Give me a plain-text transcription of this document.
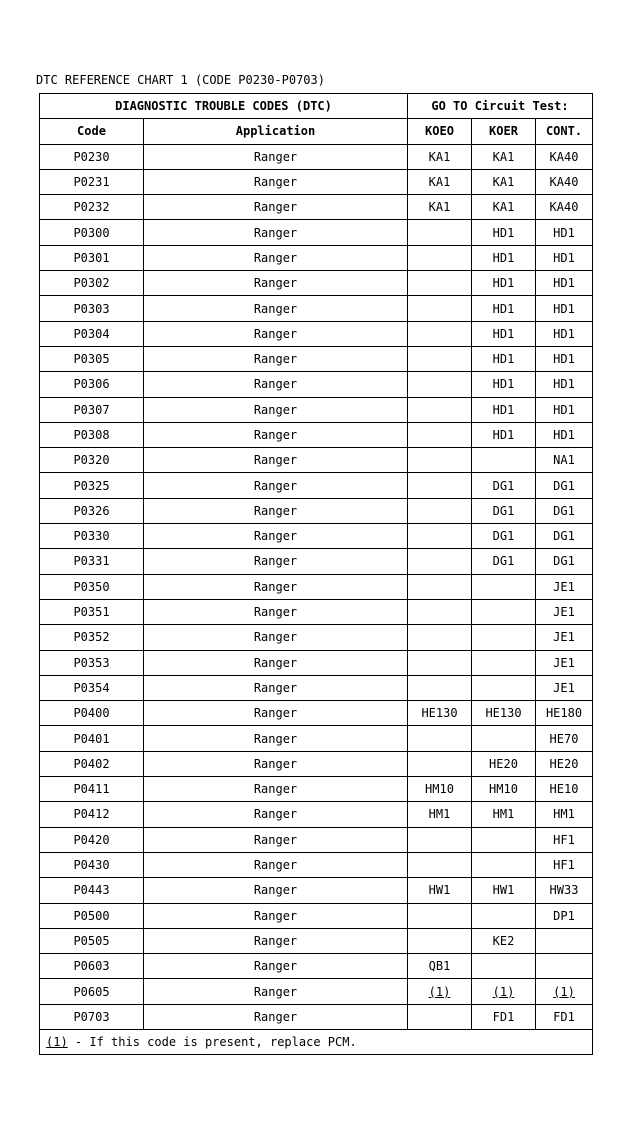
DTC REFERENCE CHART 1 (CODE P0230-P0703)
DIAGNOSTIC TROUBLE CODES (DTC)		GO TO Circuit Test:		
Code	Application	KOEO	KOER	CONT.
P0230	Ranger	KA1	KA1	KA40
P0231	Ranger	KA1	KA1	KA40
P0232	Ranger	KA1	KA1	KA40
P0300	Ranger		HD1	HD1
P0301	Ranger		HD1	HD1
P0302	Ranger		HD1	HD1
P0303	Ranger		HD1	HD1
P0304	Ranger		HD1	HD1
P0305	Ranger		HD1	HD1
P0306	Ranger		HD1	HD1
P0307	Ranger		HD1	HD1
P0308	Ranger		HD1	HD1
P0320	Ranger			NA1
P0325	Ranger		DG1	DG1
P0326	Ranger		DG1	DG1
P0330	Ranger		DG1	DG1
P0331	Ranger		DG1	DG1
P0350	Ranger			JE1
P0351	Ranger			JE1
P0352	Ranger			JE1
P0353	Ranger			JE1
P0354	Ranger			JE1
P0400	Ranger	HE130	HE130	HE180
P0401	Ranger			HE70
P0402	Ranger		HE20	HE20
P0411	Ranger	HM10	HM10	HE10
P0412	Ranger	HM1	HM1	HM1
P0420	Ranger			HF1
P0430	Ranger			HF1
P0443	Ranger	HW1	HW1	HW33
P0500	Ranger			DP1
P0505	Ranger		KE2	
P0603	Ranger	QB1		
P0605	Ranger	(1)	(1)	(1)
P0703	Ranger		FD1	FD1
(1) - If this code is present, replace PCM.				
